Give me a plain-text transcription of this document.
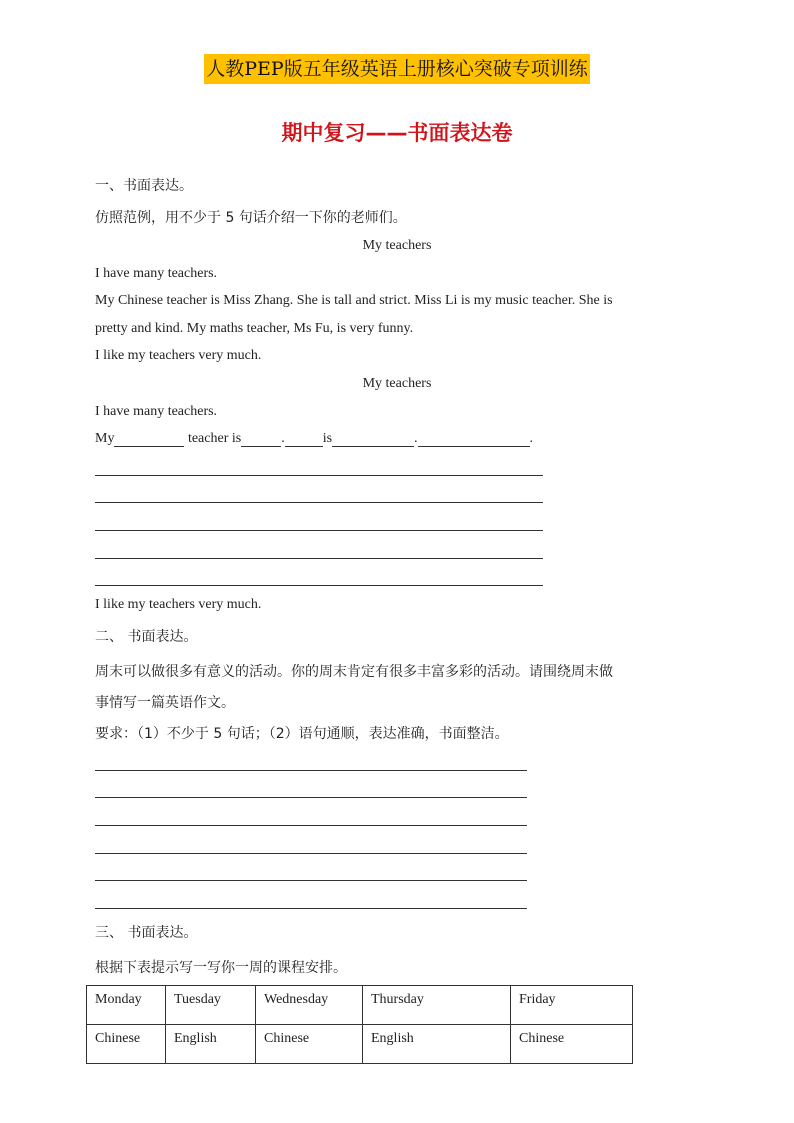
人教PEP版五年级英语上册核心突破专项训练
期中复习——书面表达卷
一、书面表达。
仿照范例，用不少于 5 句话介绍一下你的老师们。
My teachers
I have many teachers.
My Chinese teacher is Miss Zhang. She is tall and strict. Miss Li is my music teacher. She is
pretty and kind. My maths teacher, Ms Fu, is very funny.
I like my teachers very much.
My teachers
I have many teachers.
My	teacher is	.	is	.	.
I like my teachers very much.
二、 书面表达。
周末可以做很多有意义的活动。你的周末肯定有很多丰富多彩的活动。请围绕周末做
事情写一篇英语作文。
要求：（1）不少于 5 句话；（2）语句通顺，表达准确，书面整洁。
三、 书面表达。
根据下表提示写一写你一周的课程安排。
Monday	Tuesday	Wednesday	Thursday	Friday
Chinese	English	Chinese	English	Chinese
